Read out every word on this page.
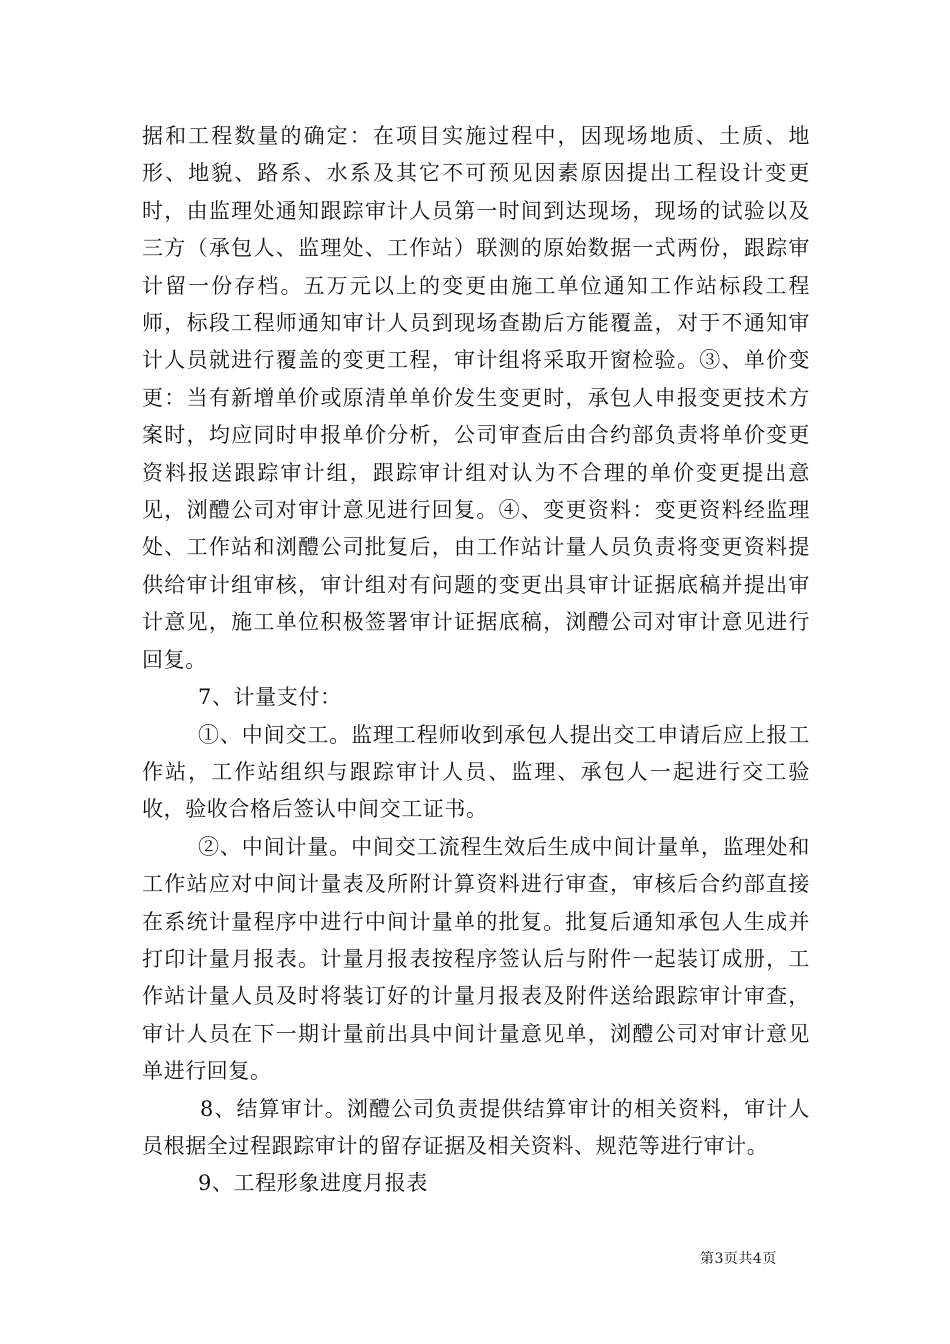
据和工程数量的确定：在项目实施过程中，因现场地质、土质、地形、地貌、路系、水系及其它不可预见因素原因提出工程设计变更时，由监理处通知跟踪审计人员第一时间到达现场，现场的试验以及三方（承包人、监理处、工作站）联测的原始数据一式两份，跟踪审计留一份存档。五万元以上的变更由施工单位通知工作站标段工程师，标段工程师通知审计人员到现场查勘后方能覆盖，对于不通知审计人员就进行覆盖的变更工程，审计组将采取开窗检验。③、单价变更：当有新增单价或原清单单价发生变更时，承包人申报变更技术方案时，均应同时申报单价分析，公司审查后由合约部负责将单价变更资料报送跟踪审计组，跟踪审计组对认为不合理的单价变更提出意见，浏醴公司对审计意见进行回复。④、变更资料：变更资料经监理处、工作站和浏醴公司批复后，由工作站计量人员负责将变更资料提供给审计组审核，审计组对有问题的变更出具审计证据底稿并提出审计意见，施工单位积极签署审计证据底稿，浏醴公司对审计意见进行回复。

7、计量支付：

①、中间交工。监理工程师收到承包人提出交工申请后应上报工作站，工作站组织与跟踪审计人员、监理、承包人一起进行交工验收，验收合格后签认中间交工证书。

②、中间计量。中间交工流程生效后生成中间计量单，监理处和工作站应对中间计量表及所附计算资料进行审查，审核后合约部直接在系统计量程序中进行中间计量单的批复。批复后通知承包人生成并打印计量月报表。计量月报表按程序签认后与附件一起装订成册，工作站计量人员及时将装订好的计量月报表及附件送给跟踪审计审查，审计人员在下一期计量前出具中间计量意见单，浏醴公司对审计意见单进行回复。

8、结算审计。浏醴公司负责提供结算审计的相关资料，审计人员根据全过程跟踪审计的留存证据及相关资料、规范等进行审计。

9、工程形象进度月报表

第3页共4页
